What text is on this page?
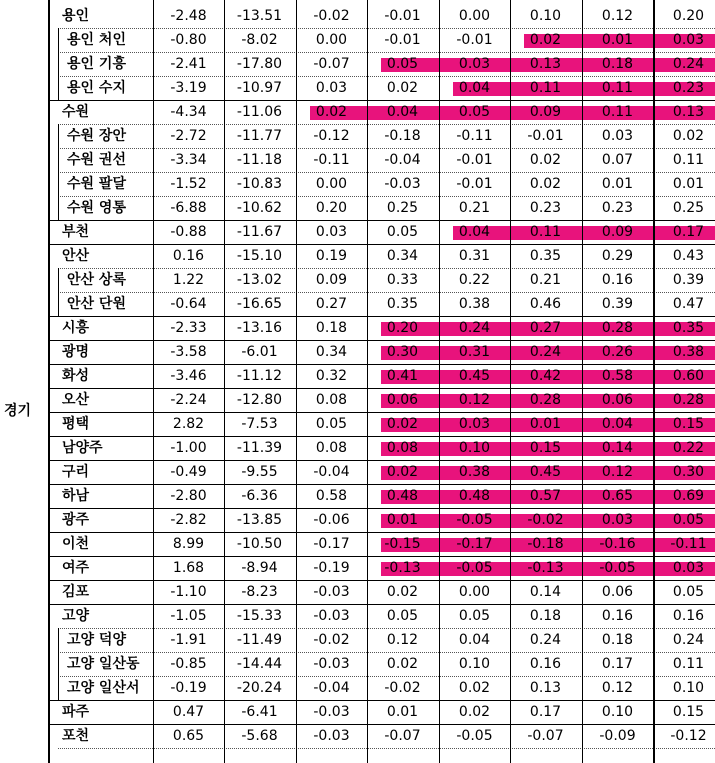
경기
용인	-2.48	-13.51	-0.02	-0.01	0.00	0.10	0.12	0.20
용인 처인	-0.80	-8.02	0.00	-0.01	-0.01	0.02	0.01	0.03
용인 기흥	-2.41	-17.80	-0.07	0.05	0.03	0.13	0.18	0.24
용인 수지	-3.19	-10.97	0.03	0.02	0.04	0.11	0.11	0.23
수원	-4.34	-11.06	0.02	0.04	0.05	0.09	0.11	0.13
수원 장안	-2.72	-11.77	-0.12	-0.18	-0.11	-0.01	0.03	0.02
수원 권선	-3.34	-11.18	-0.11	-0.04	-0.01	0.02	0.07	0.11
수원 팔달	-1.52	-10.83	0.00	-0.03	-0.01	0.02	0.01	0.01
수원 영통	-6.88	-10.62	0.20	0.25	0.21	0.23	0.23	0.25
부천	-0.88	-11.67	0.03	0.05	0.04	0.11	0.09	0.17
안산	0.16	-15.10	0.19	0.34	0.31	0.35	0.29	0.43
안산 상록	1.22	-13.02	0.09	0.33	0.22	0.21	0.16	0.39
안산 단원	-0.64	-16.65	0.27	0.35	0.38	0.46	0.39	0.47
시흥	-2.33	-13.16	0.18	0.20	0.24	0.27	0.28	0.35
광명	-3.58	-6.01	0.34	0.30	0.31	0.24	0.26	0.38
화성	-3.46	-11.12	0.32	0.41	0.45	0.42	0.58	0.60
오산	-2.24	-12.80	0.08	0.06	0.12	0.28	0.06	0.28
평택	2.82	-7.53	0.05	0.02	0.03	0.01	0.04	0.15
남양주	-1.00	-11.39	0.08	0.08	0.10	0.15	0.14	0.22
구리	-0.49	-9.55	-0.04	0.02	0.38	0.45	0.12	0.30
하남	-2.80	-6.36	0.58	0.48	0.48	0.57	0.65	0.69
광주	-2.82	-13.85	-0.06	0.01	-0.05	-0.02	0.03	0.05
이천	8.99	-10.50	-0.17	-0.15	-0.17	-0.18	-0.16	-0.11
여주	1.68	-8.94	-0.19	-0.13	-0.05	-0.13	-0.05	0.03
김포	-1.10	-8.23	-0.03	0.02	0.00	0.14	0.06	0.05
고양	-1.05	-15.33	-0.03	0.05	0.05	0.18	0.16	0.16
고양 덕양	-1.91	-11.49	-0.02	0.12	0.04	0.24	0.18	0.24
고양 일산동	-0.85	-14.44	-0.03	0.02	0.10	0.16	0.17	0.11
고양 일산서	-0.19	-20.24	-0.04	-0.02	0.02	0.13	0.12	0.10
파주	0.47	-6.41	-0.03	0.01	0.02	0.17	0.10	0.15
포천	0.65	-5.68	-0.03	-0.07	-0.05	-0.07	-0.09	-0.12
